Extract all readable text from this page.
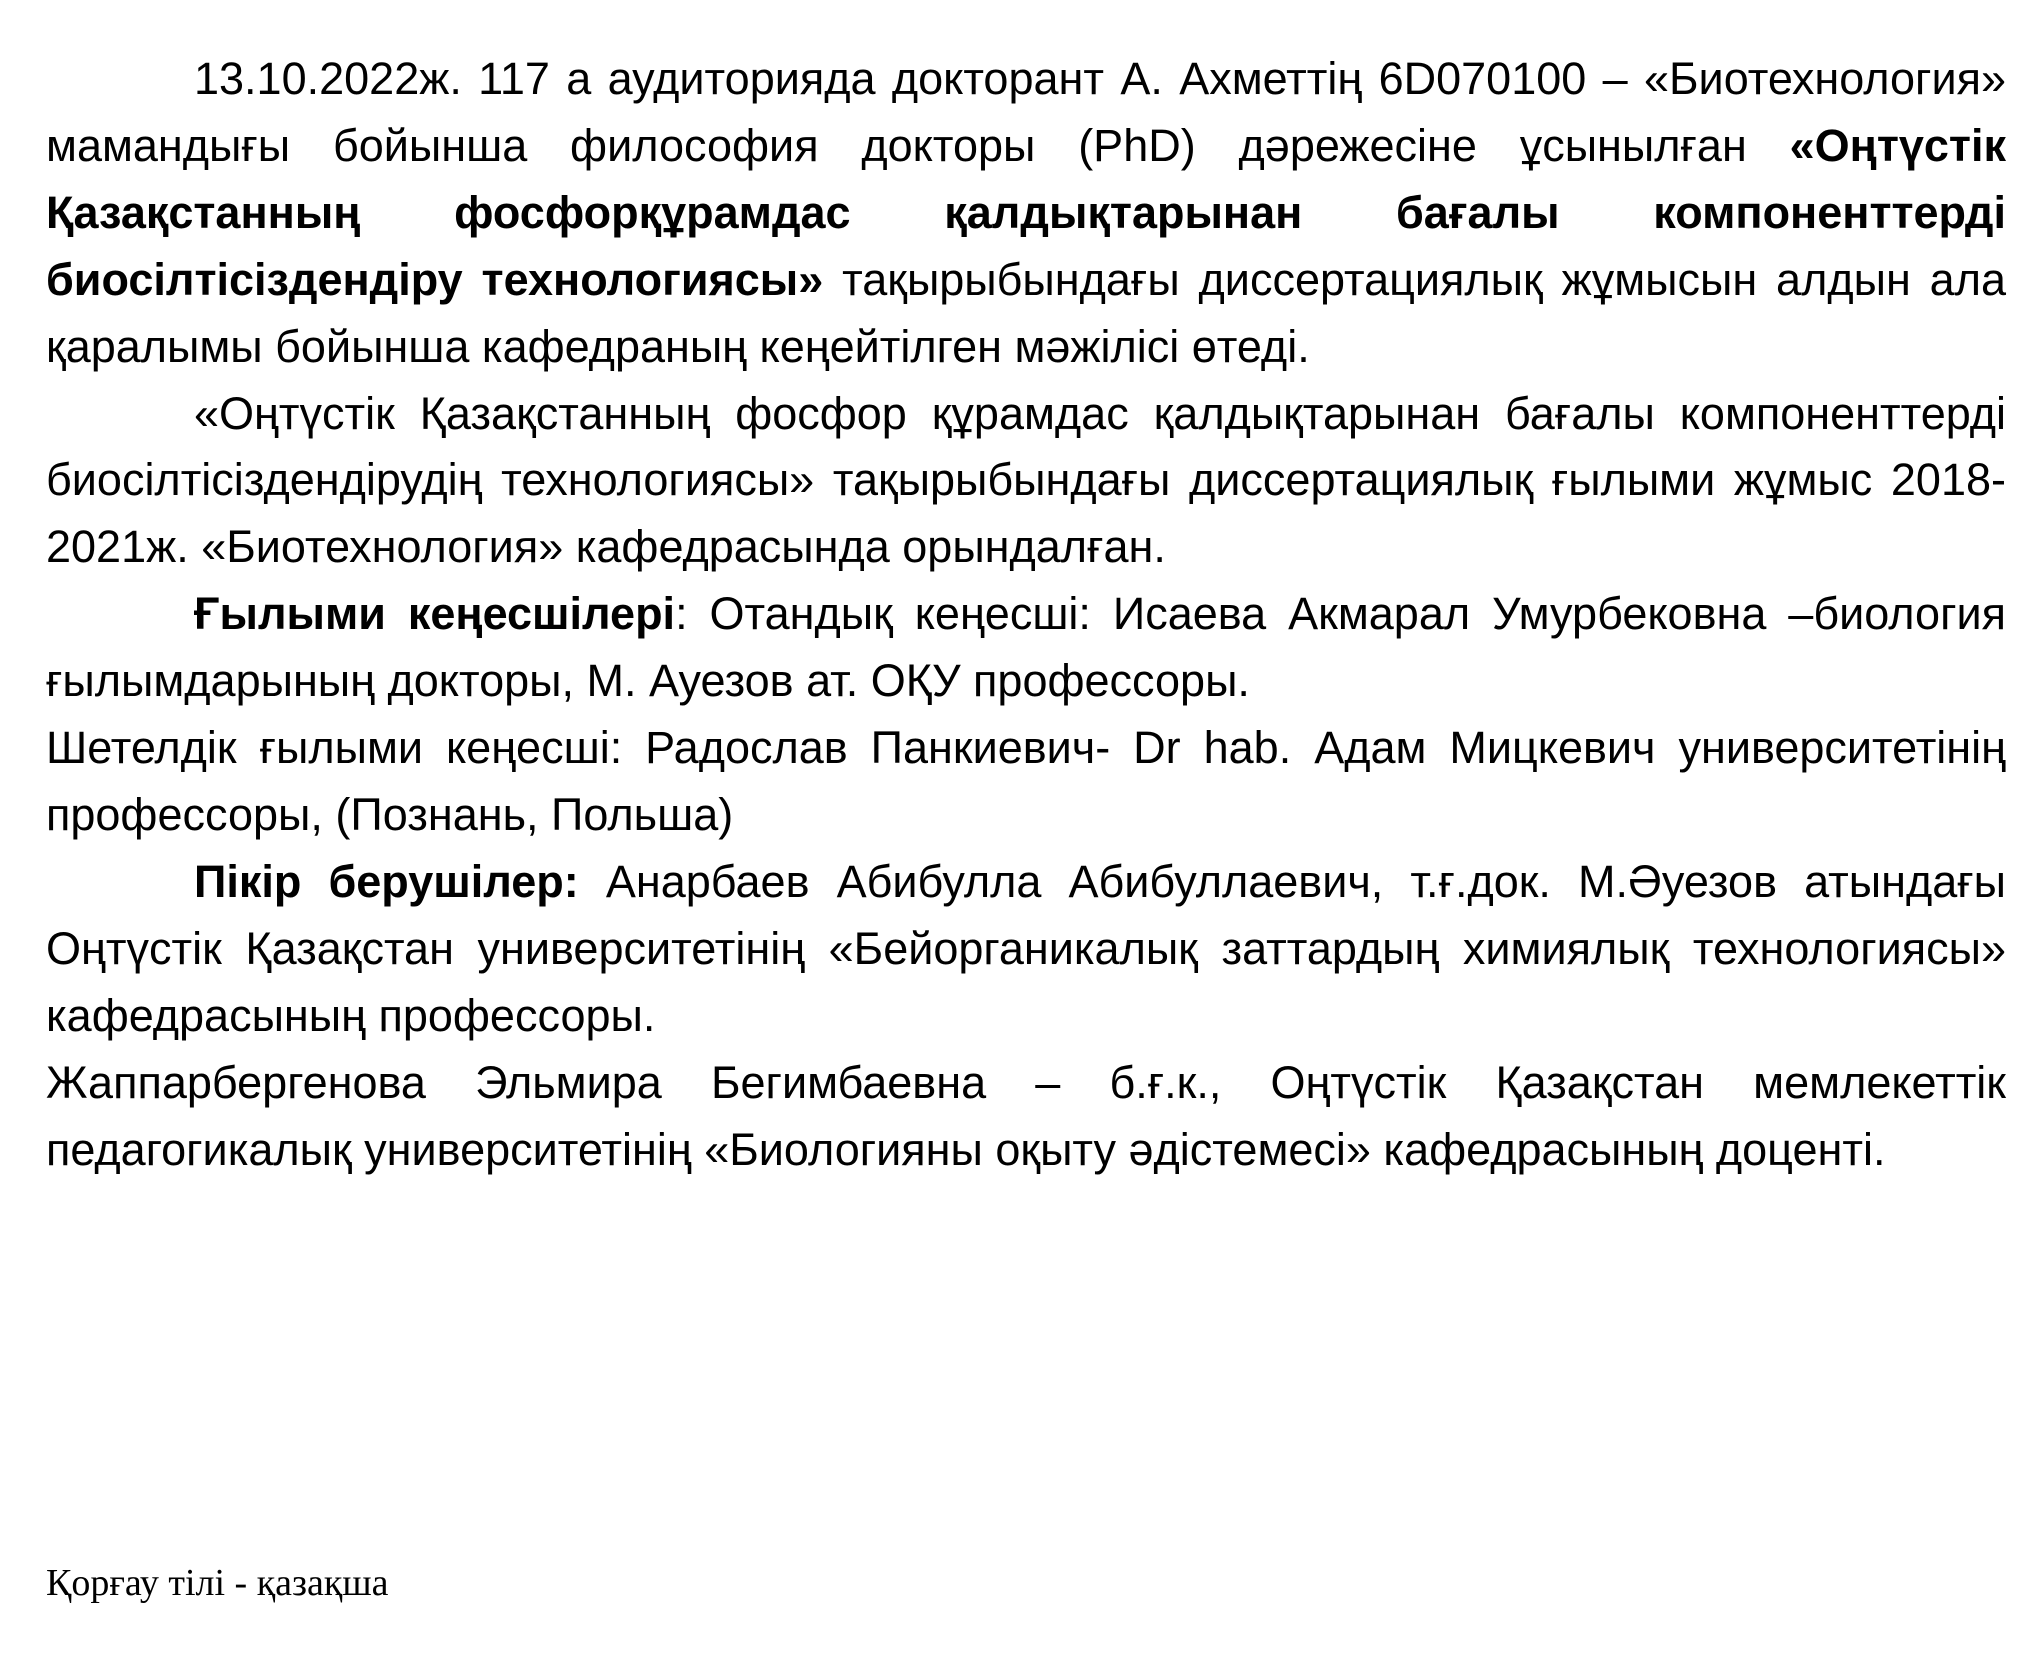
13.10.2022ж. 117 а аудиторияда докторант А. Ахметтің 6D070100 – «Биотехнология» мамандығы бойынша философия докторы (PhD) дәрежесіне ұсынылған «Оңтүстік Қазақстанның фосфорқұрамдас қалдықтарынан бағалы компоненттерді биосілтісіздендіру технологиясы» тақырыбындағы диссертациялық жұмысын алдын ала қаралымы бойынша кафедраның кеңейтілген мәжілісі өтеді.

«Оңтүстік Қазақстанның фосфор құрамдас қалдықтарынан бағалы компоненттерді биосілтісіздендірудің технологиясы» тақырыбындағы диссертациялық ғылыми жұмыс 2018-2021ж. «Биотехнология» кафедрасында орындалған.

Ғылыми кеңесшілері: Отандық кеңесші: Исаева Акмарал Умурбековна –биология ғылымдарының докторы, М. Ауезов ат. ОҚУ профессоры.

Шетелдік ғылыми кеңесші: Радослав Панкиевич- Dr hab. Адам Мицкевич университетінің профессоры, (Познань, Польша)

Пікір берушілер: Анарбаев Абибулла Абибуллаевич, т.ғ.док. М.Әуезов атындағы Оңтүстік Қазақстан университетінің «Бейорганикалық заттардың химиялық технологиясы» кафедрасының профессоры.

Жаппарбергенова Эльмира Бегимбаевна – б.ғ.к., Оңтүстік Қазақстан мемлекеттік педагогикалық университетінің «Биологияны оқыту әдістемесі» кафедрасының доценті.

Қорғау тілі - қазақша
